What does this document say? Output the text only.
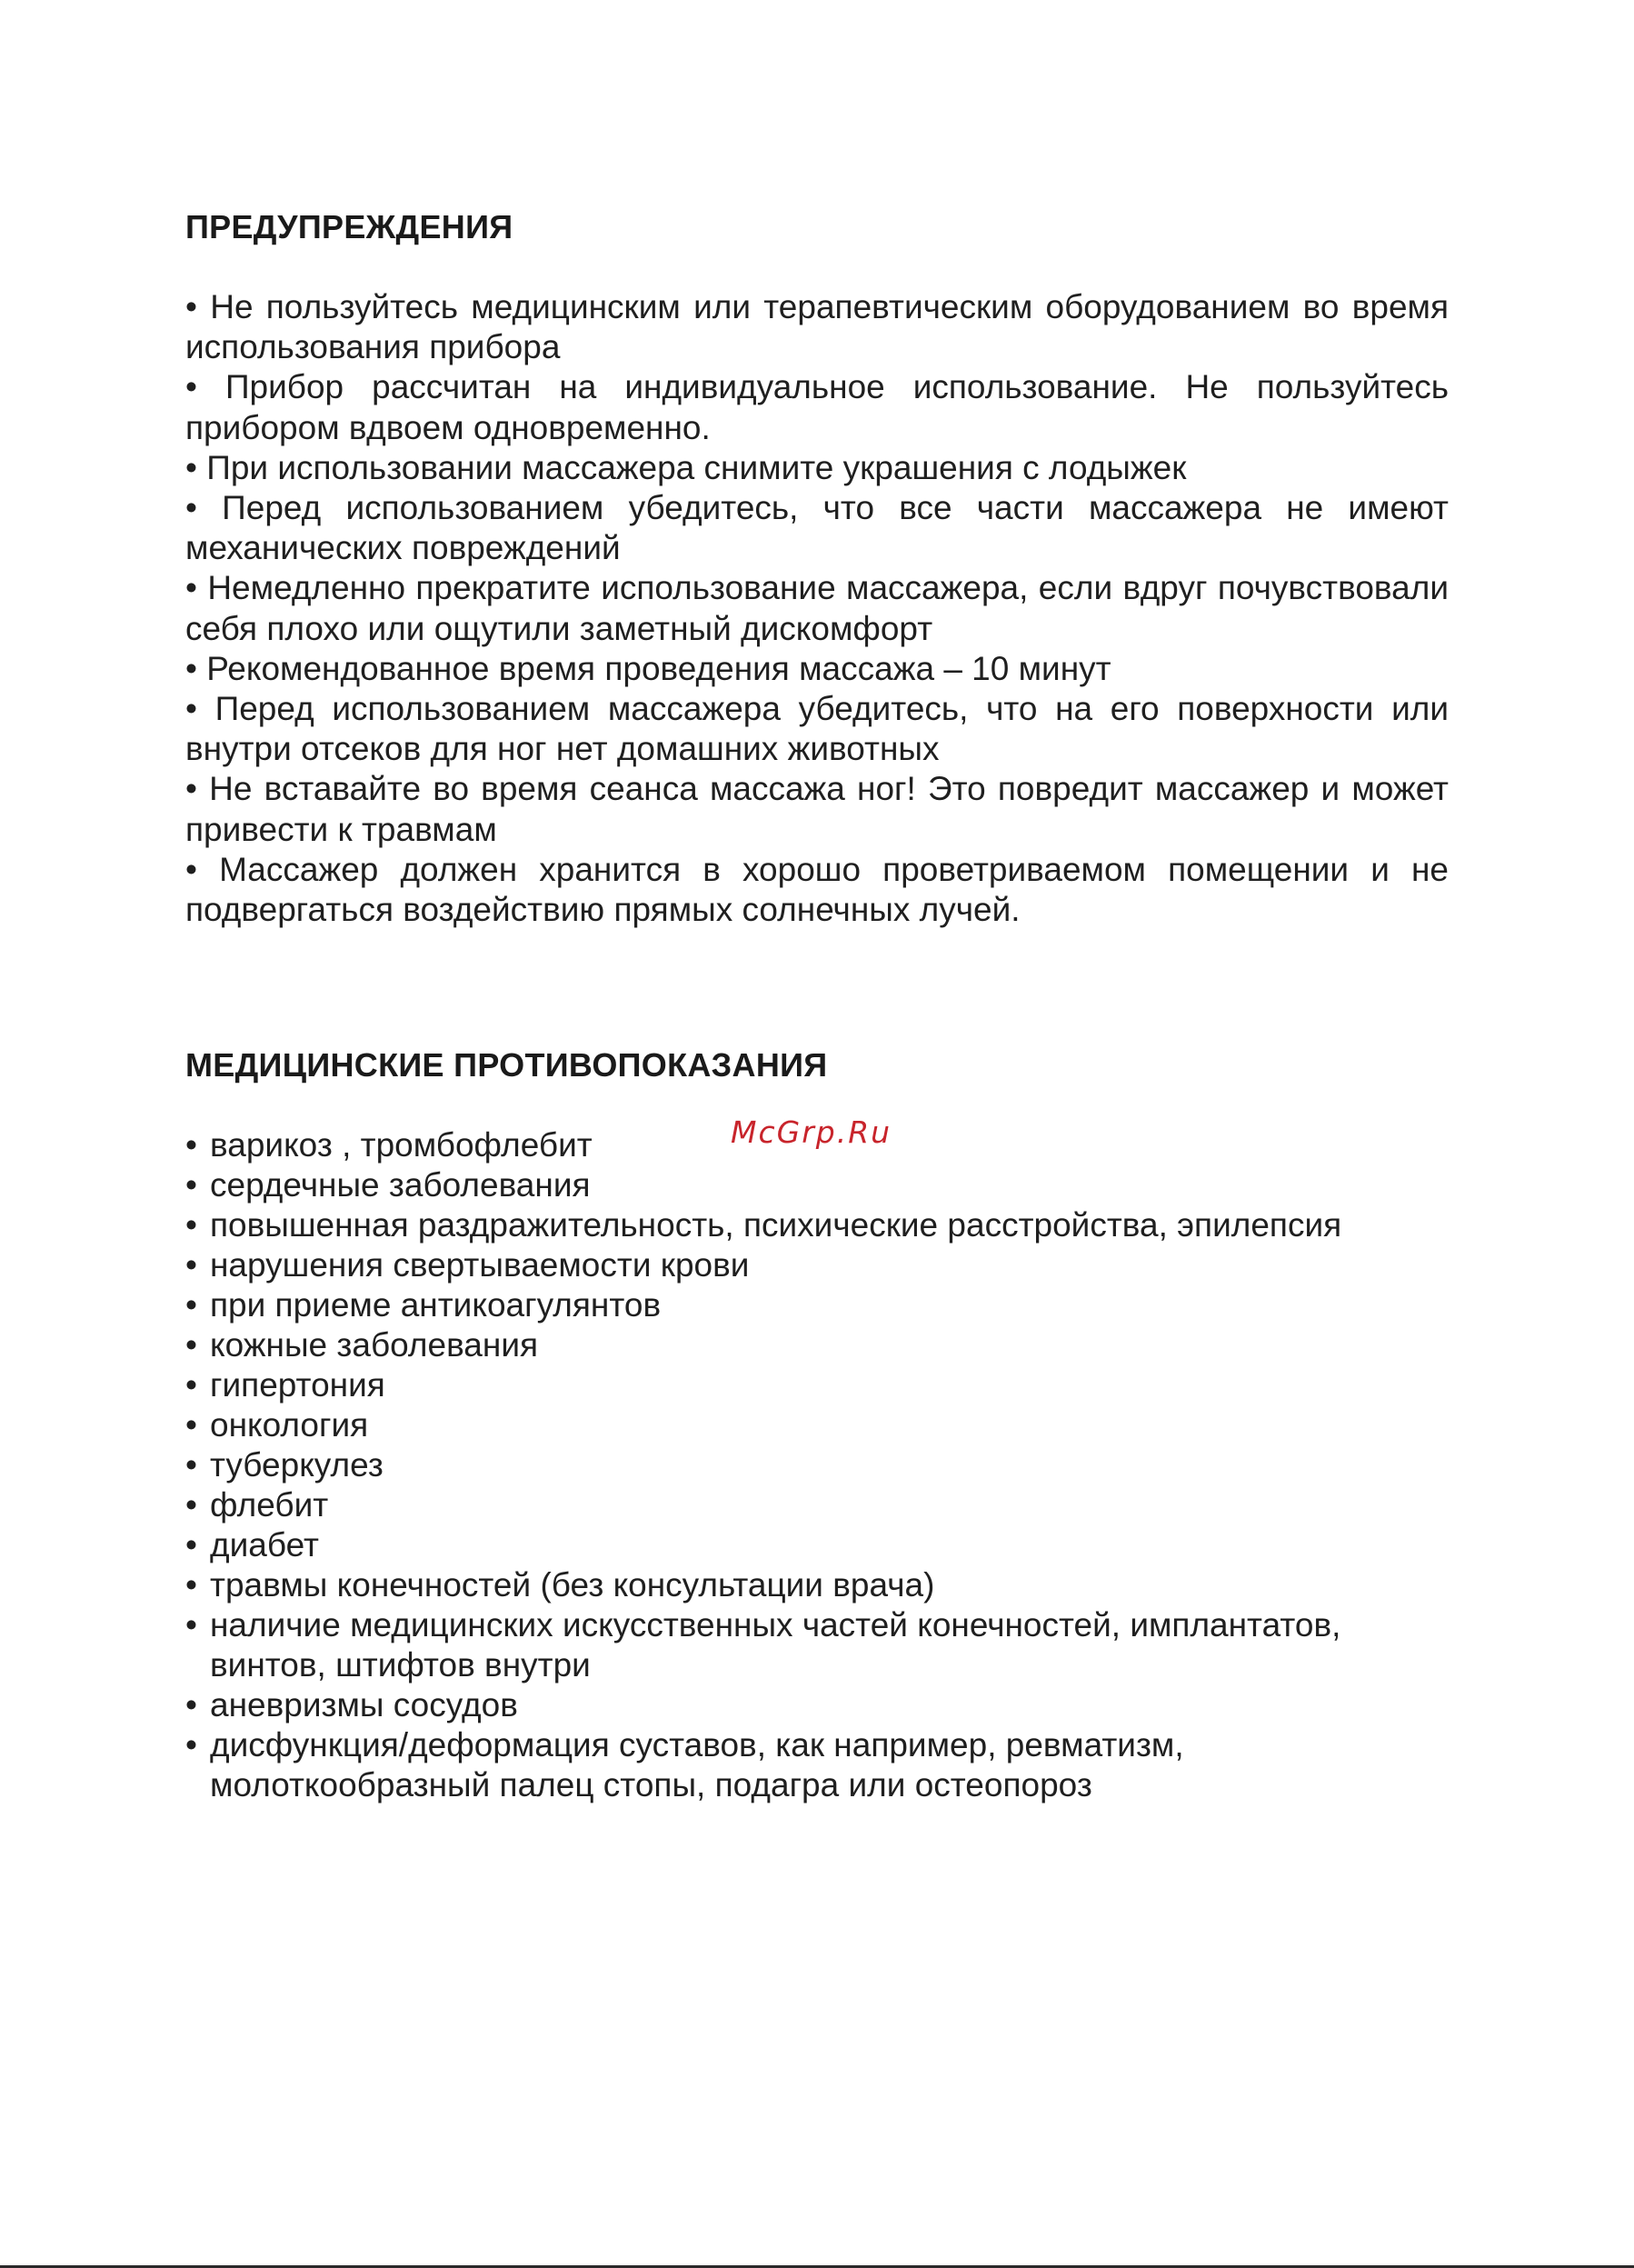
ПРЕДУПРЕЖДЕНИЯ
• Не пользуйтесь медицинским или терапевтическим оборудованием во время использования прибора
• Прибор рассчитан на индивидуальное использование. Не пользуйтесь прибором вдвоем одновременно.
• При использовании массажера снимите украшения с лодыжек
• Перед использованием убедитесь, что все части массажера не имеют механических повреждений
• Немедленно прекратите использование массажера, если вдруг почувствовали себя плохо или ощутили заметный дискомфорт
• Рекомендованное время проведения массажа – 10 минут
• Перед использованием массажера убедитесь, что на его поверхности или внутри отсеков для ног нет домашних животных
• Не вставайте во время сеанса массажа ног! Это повредит массажер и может привести к травмам
• Массажер должен хранится в хорошо проветриваемом помещении и не подвергаться воздействию прямых солнечных лучей.
МЕДИЦИНСКИЕ ПРОТИВОПОКАЗАНИЯ
McGrp.Ru
• варикоз , тромбофлебит
• сердечные заболевания
• повышенная раздражительность, психические расстройства, эпилепсия
• нарушения свертываемости крови
• при приеме антикоагулянтов
• кожные заболевания
• гипертония
• онкология
• туберкулез
• флебит
• диабет
• травмы конечностей (без консультации врача)
• наличие медицинских искусственных частей конечностей, имплантатов, винтов, штифтов внутри
• аневризмы сосудов
• дисфункция/деформация суставов, как например, ревматизм, молоткообразный палец стопы, подагра или остеопороз
